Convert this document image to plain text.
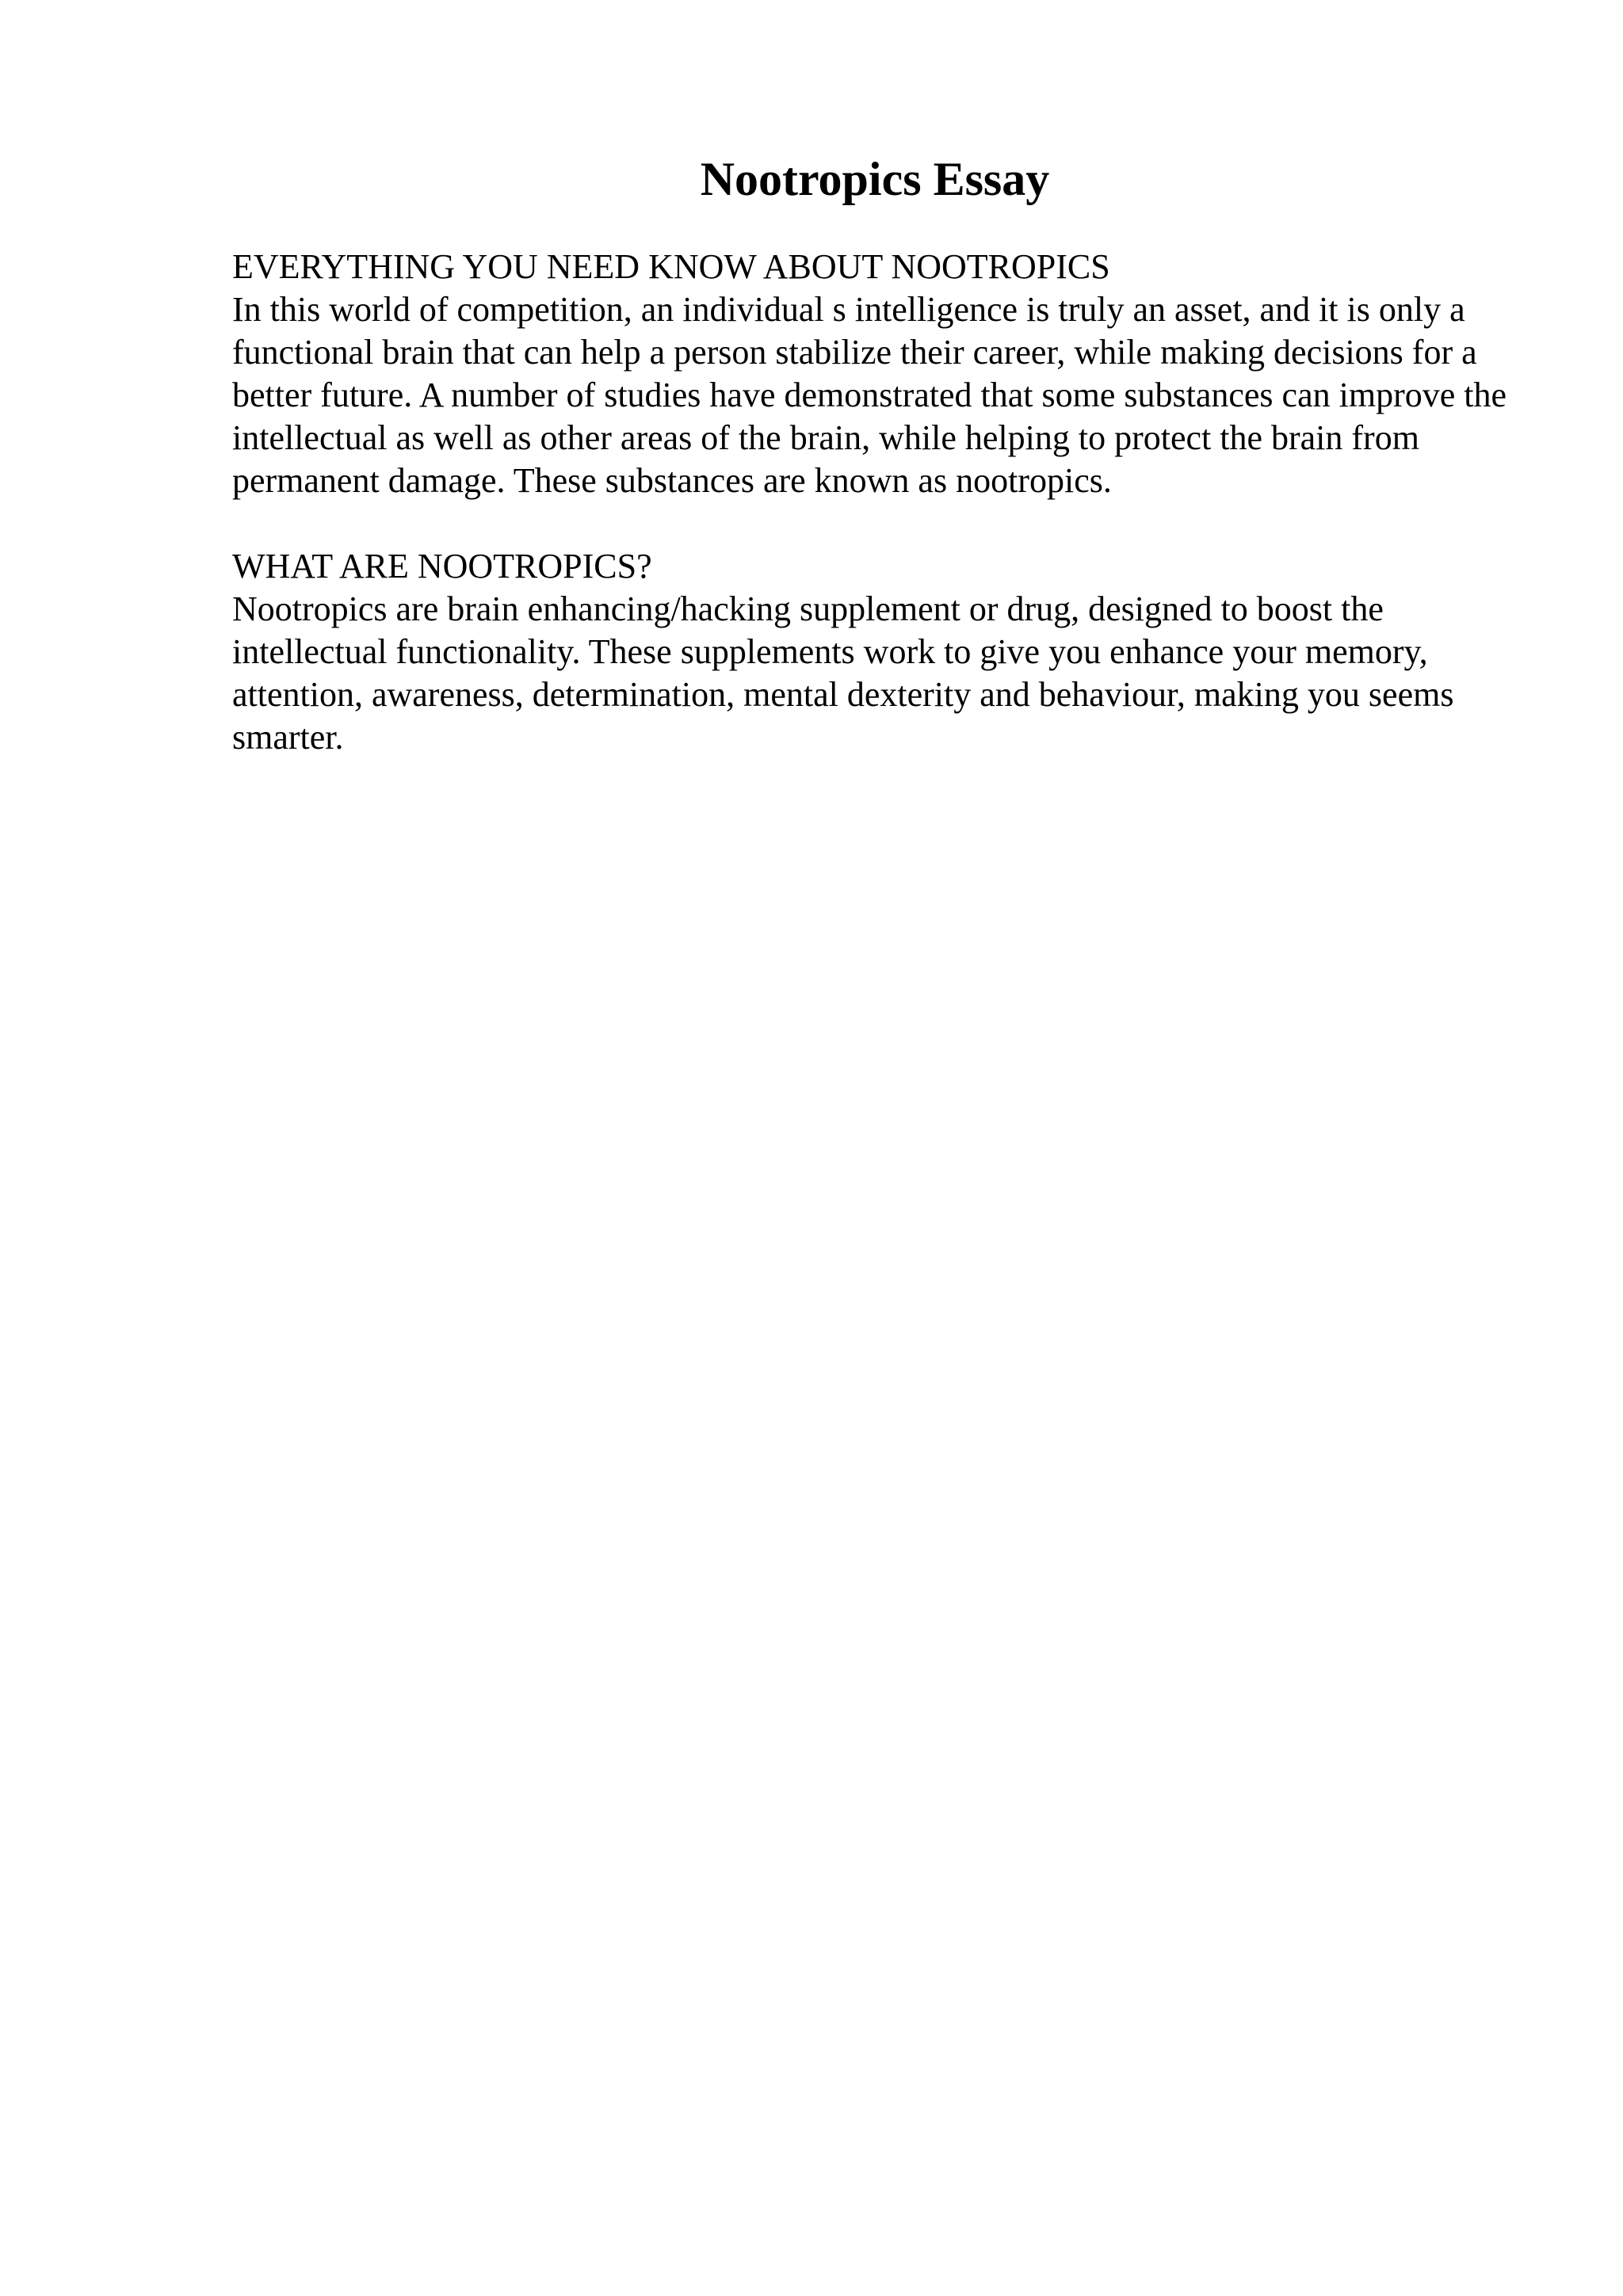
Nootropics Essay

EVERYTHING YOU NEED KNOW ABOUT NOOTROPICS

In this world of competition, an individual s intelligence is truly an asset, and it is only a functional brain that can help a person stabilize their career, while making decisions for a better future. A number of studies have demonstrated that some substances can improve the intellectual as well as other areas of the brain, while helping to protect the brain from permanent damage. These substances are known as nootropics.

WHAT ARE NOOTROPICS?

Nootropics are brain enhancing/hacking supplement or drug, designed to boost the intellectual functionality. These supplements work to give you enhance your memory, attention, awareness, determination, mental dexterity and behaviour, making you seems smarter.
